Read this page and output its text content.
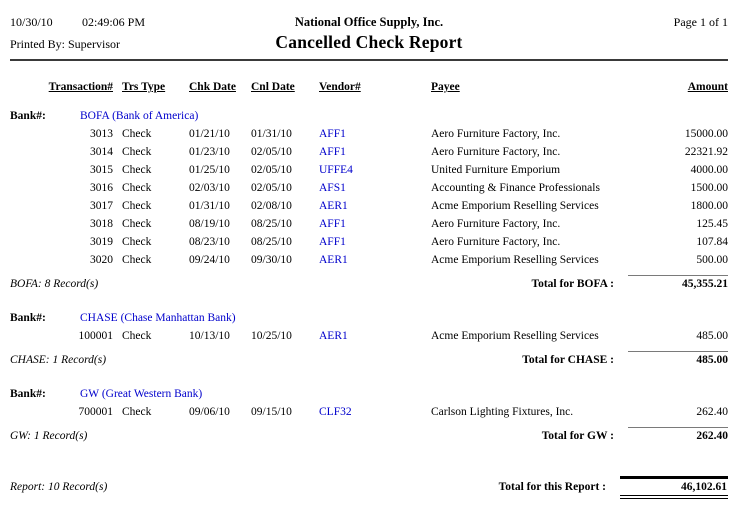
10/30/10	02:49:06 PM	National Office Supply, Inc.	Page 1 of 1
Printed By: Supervisor	Cancelled Check Report
Transaction# Trs Type	Chk Date	Cnl Date	Vendor#	Payee	Amount
Bank#:	BOFA (Bank of America)
3013 Check	01/21/10	01/31/10	AFF1	Aero Furniture Factory, Inc.	15000.00
3014 Check	01/23/10	02/05/10	AFF1	Aero Furniture Factory, Inc.	22321.92
3015 Check	01/25/10	02/05/10	UFFE4	United Furniture Emporium	4000.00
3016 Check	02/03/10	02/05/10	AFS1	Accounting & Finance Professionals	1500.00
3017 Check	01/31/10	02/08/10	AER1	Acme Emporium Reselling Services	1800.00
3018 Check	08/19/10	08/25/10	AFF1	Aero Furniture Factory, Inc.	125.45
3019 Check	08/23/10	08/25/10	AFF1	Aero Furniture Factory, Inc.	107.84
3020 Check	09/24/10	09/30/10	AER1	Acme Emporium Reselling Services	500.00
BOFA: 8 Record(s)	Total for BOFA :	45,355.21
Bank#:	CHASE (Chase Manhattan Bank)
100001 Check	10/13/10	10/25/10	AER1	Acme Emporium Reselling Services	485.00
CHASE: 1 Record(s)	Total for CHASE :	485.00
Bank#:	GW (Great Western Bank)
700001 Check	09/06/10	09/15/10	CLF32	Carlson Lighting Fixtures, Inc.	262.40
GW: 1 Record(s)	Total for GW :	262.40
Report: 10 Record(s)	Total for this Report :	46,102.61
